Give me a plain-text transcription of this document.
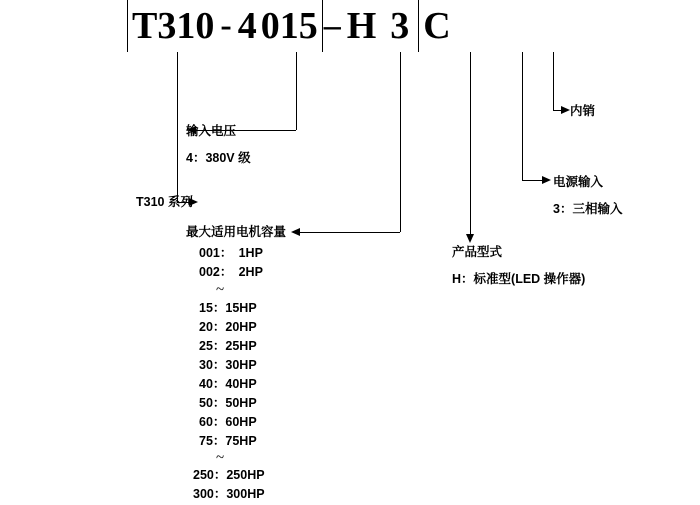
T310 - 4 015 – H 3 C
输入电压
4：380V 级
T310 系列
最大适用电机容量
001：　1HP
002：　2HP
~
15：15HP
20：20HP
25：25HP
30：30HP
40：40HP
50：50HP
60：60HP
75：75HP
~
250：250HP
300：300HP
产品型式
H：标准型(LED 操作器)
电源输入
3：三相输入
内销
